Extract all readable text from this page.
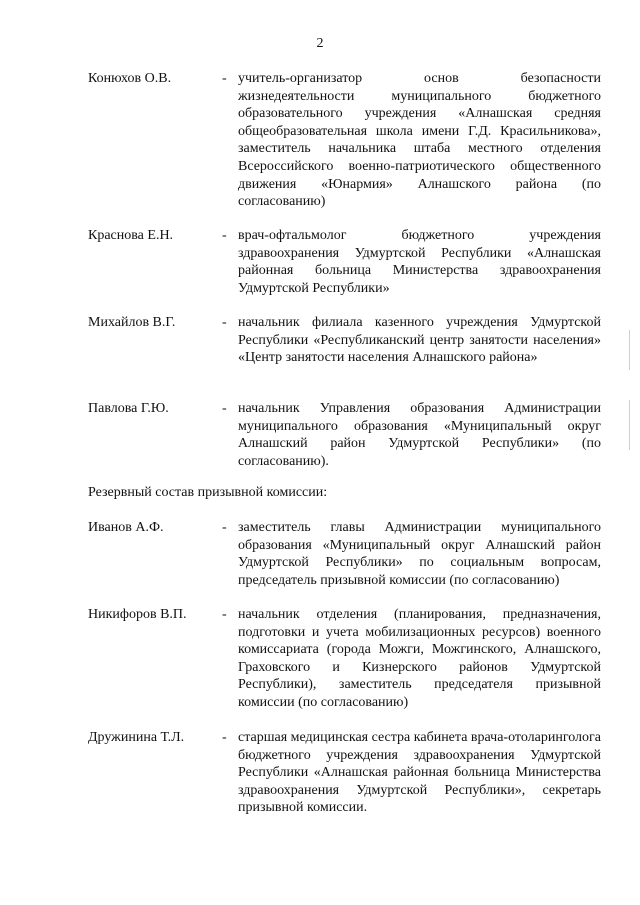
2
Конюхов О.В.	- учитель-организатор основ безопасности жизнедеятельности муниципального бюджетного образовательного учреждения «Алнашская средняя общеобразовательная школа имени Г.Д. Красильникова», заместитель начальника штаба местного отделения Всероссийского военно-патриотического общественного движения «Юнармия» Алнашского района (по согласованию)
Краснова Е.Н.	- врач-офтальмолог бюджетного учреждения здравоохранения Удмуртской Республики «Алнашская районная больница Министерства здравоохранения Удмуртской Республики»
Михайлов В.Г.	- начальник филиала казенного учреждения Удмуртской Республики «Республиканский центр занятости населения» «Центр занятости населения Алнашского района»
Павлова Г.Ю.	- начальник Управления образования Администрации муниципального образования «Муниципальный округ Алнашский район Удмуртской Республики» (по согласованию).
Резервный состав призывной комиссии:
Иванов А.Ф.	- заместитель главы Администрации муниципального образования «Муниципальный округ Алнашский район Удмуртской Республики» по социальным вопросам, председатель призывной комиссии (по согласованию)
Никифоров В.П.	- начальник отделения (планирования, предназначения, подготовки и учета мобилизационных ресурсов) военного комиссариата (города Можги, Можгинского, Алнашского, Граховского и Кизнерского районов Удмуртской Республики), заместитель председателя призывной комиссии (по согласованию)
Дружинина Т.Л.	- старшая медицинская сестра кабинета врача-отоларинголога бюджетного учреждения здравоохранения Удмуртской Республики «Алнашская районная больница Министерства здравоохранения Удмуртской Республики», секретарь призывной комиссии.
